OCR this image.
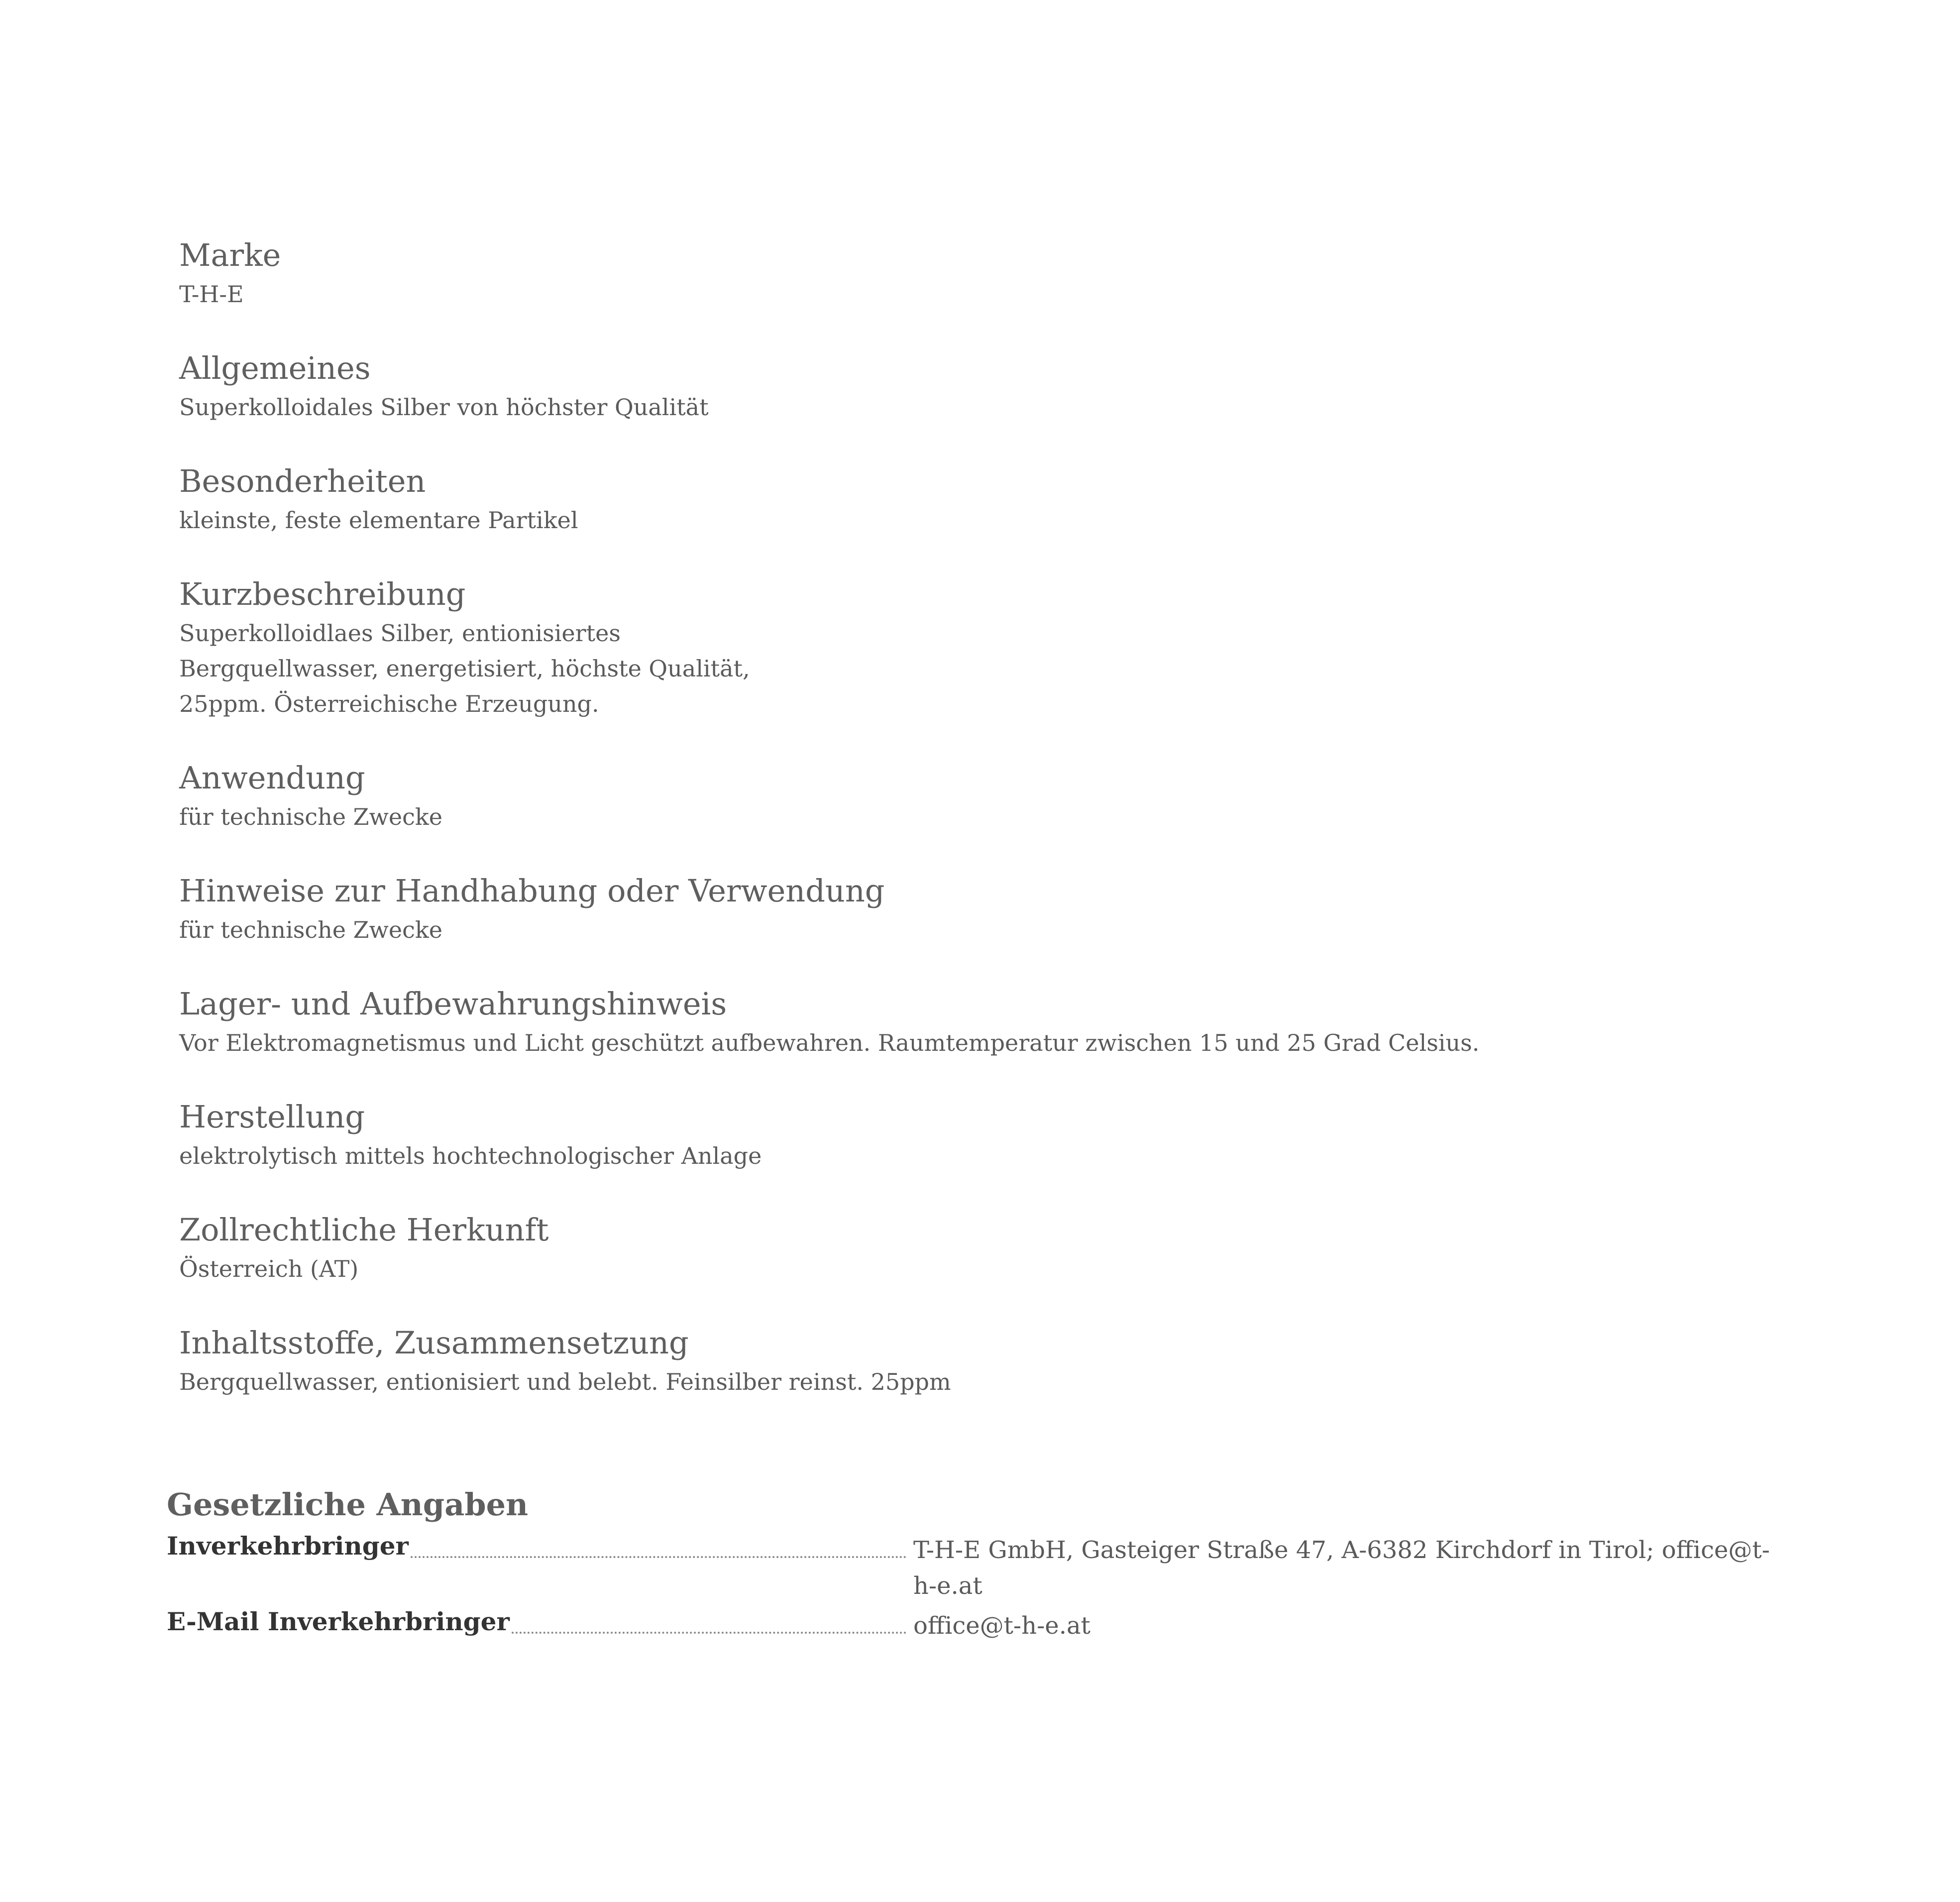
Marke

T-H-E

Allgemeines

Superkolloidales Silber von höchster Qualität

Besonderheiten

kleinste, feste elementare Partikel

Kurzbeschreibung

Superkolloidlaes Silber, entionisiertes
Bergquellwasser, energetisiert, höchste Qualität,
25ppm. Österreichische Erzeugung.

Anwendung

für technische Zwecke

Hinweise zur Handhabung oder Verwendung

für technische Zwecke

Lager- und Aufbewahrungshinweis

Vor Elektromagnetismus und Licht geschützt aufbewahren. Raumtemperatur zwischen 15 und 25 Grad Celsius.

Herstellung

elektrolytisch mittels hochtechnologischer Anlage

Zollrechtliche Herkunft

Österreich (AT)

Inhaltsstoffe, Zusammensetzung

Bergquellwasser, entionisiert und belebt. Feinsilber reinst. 25ppm

Gesetzliche Angaben
Inverkehrbringer	T-H-E GmbH, Gasteiger Straße 47, A-6382 Kirchdorf in Tirol; office@t-h-e.at
E-Mail Inverkehrbringer	office@t-h-e.at
